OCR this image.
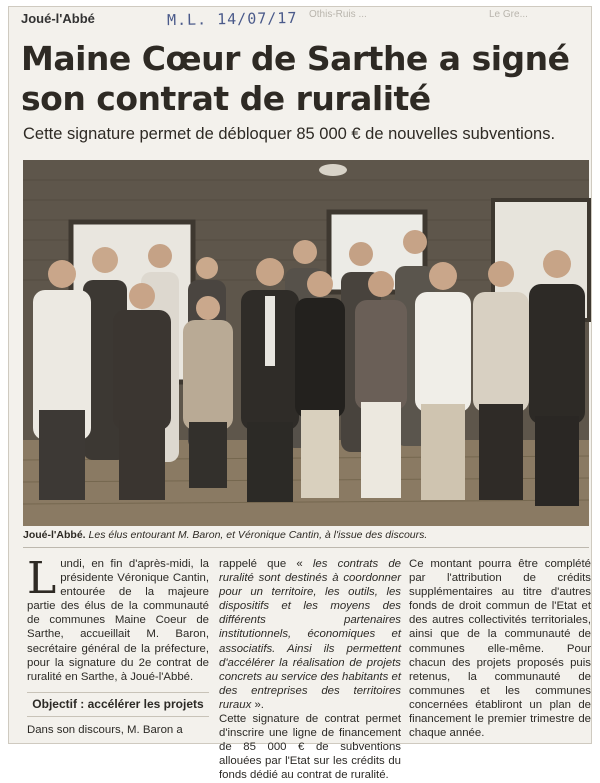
Joué-l'Abbé	M.L. 14/07/17 Othis-Ruis ...	Le Gre...
Maine Cœur de Sarthe a signé son contrat de ruralité
Cette signature permet de débloquer 85 000 € de nouvelles subventions.
Joué-l'Abbé. Les élus entourant M. Baron, et Véronique Cantin, à l'issue des discours.

Lundi, en fin d'après-midi, la présidente Véronique Cantin, entourée de la majeure partie des élus de la communauté de communes Maine Coeur de Sarthe, accueillait M. Baron, secrétaire général de la préfecture, pour la signature du 2e contrat de ruralité en Sarthe, à Joué-l'Abbé.

Objectif : accélérer les projets

Dans son discours, M. Baron a

rappelé que « les contrats de ruralité sont destinés à coordonner pour un territoire, les outils, les dispositifs et les moyens des différents partenaires institutionnels, économiques et associatifs. Ainsi ils permettent d'accélérer la réalisation de projets concrets au service des habitants et des entreprises des territoires ruraux ».

Cette signature de contrat permet d'inscrire une ligne de financement de 85 000 € de subventions allouées par l'Etat sur les crédits du fonds dédié au contrat de ruralité.

Ce montant pourra être complété par l'attribution de crédits supplémentaires au titre d'autres fonds de droit commun de l'Etat et des autres collectivités territoriales, ainsi que de la communauté de communes elle-même. Pour chacun des projets proposés puis retenus, la communauté de communes et les communes concernées établiront un plan de financement le premier trimestre de chaque année.
